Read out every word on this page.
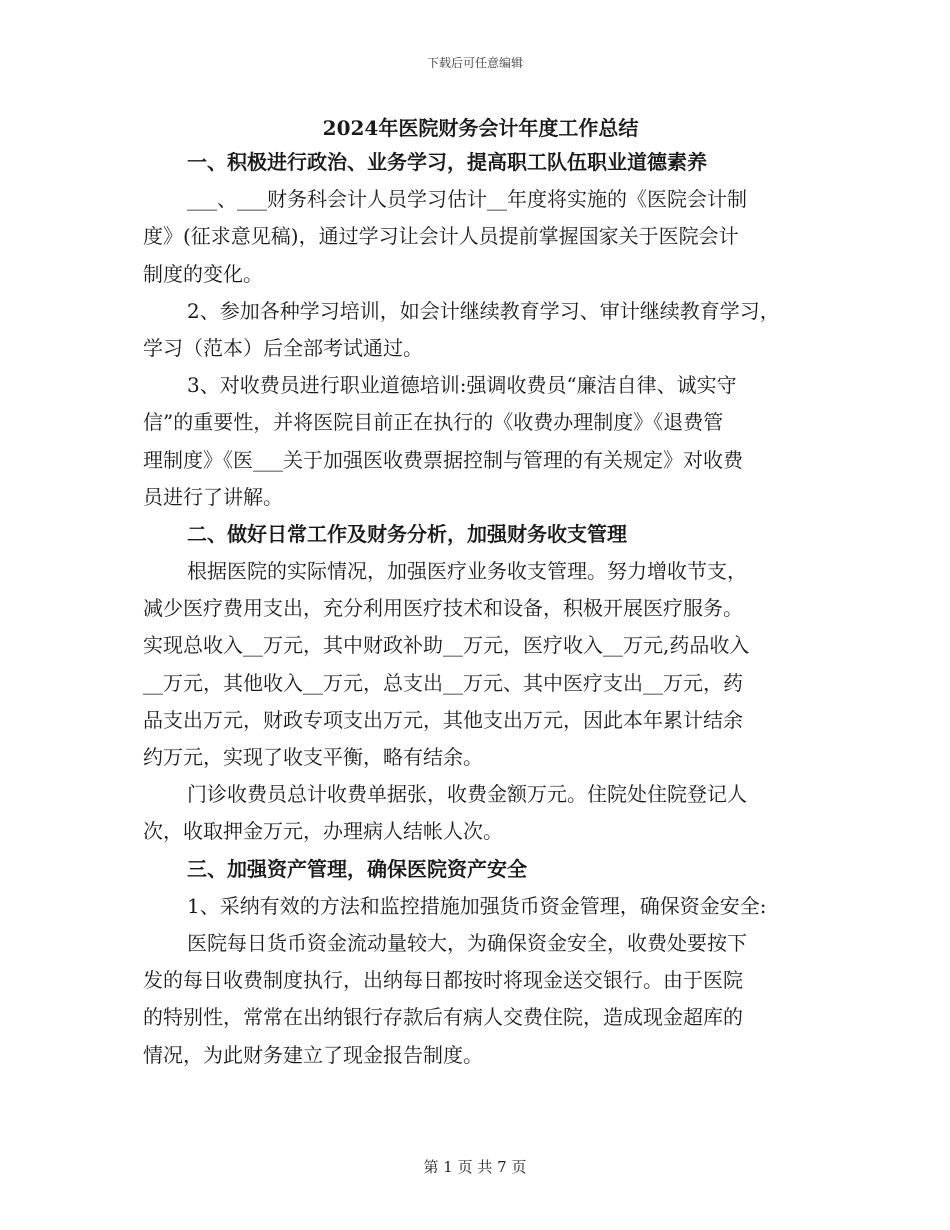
下载后可任意编辑
2024年医院财务会计年度工作总结

一、积极进行政治、业务学习，提高职工队伍职业道德素养

___、___财务科会计人员学习估计__年度将实施的《医院会计制

度》(征求意见稿)，通过学习让会计人员提前掌握国家关于医院会计

制度的变化。

2、参加各种学习培训，如会计继续教育学习、审计继续教育学习，

学习（范本）后全部考试通过。

3、对收费员进行职业道德培训:强调收费员“廉洁自律、诚实守

信”的重要性，并将医院目前正在执行的《收费办理制度》《退费管

理制度》《医___关于加强医收费票据控制与管理的有关规定》对收费

员进行了讲解。

二、做好日常工作及财务分析，加强财务收支管理

根据医院的实际情况，加强医疗业务收支管理。努力增收节支，

减少医疗费用支出，充分利用医疗技术和设备，积极开展医疗服务。

实现总收入__万元，其中财政补助__万元，医疗收入__万元,药品收入

__万元，其他收入__万元，总支出__万元、其中医疗支出__万元，药

品支出万元，财政专项支出万元，其他支出万元，因此本年累计结余

约万元，实现了收支平衡，略有结余。

门诊收费员总计收费单据张，收费金额万元。住院处住院登记人

次，收取押金万元，办理病人结帐人次。

三、加强资产管理，确保医院资产安全

1、采纳有效的方法和监控措施加强货币资金管理，确保资金安全:

医院每日货币资金流动量较大，为确保资金安全，收费处要按下

发的每日收费制度执行，出纳每日都按时将现金送交银行。由于医院

的特别性，常常在出纳银行存款后有病人交费住院，造成现金超库的

情况，为此财务建立了现金报告制度。

第 1 页 共 7 页
